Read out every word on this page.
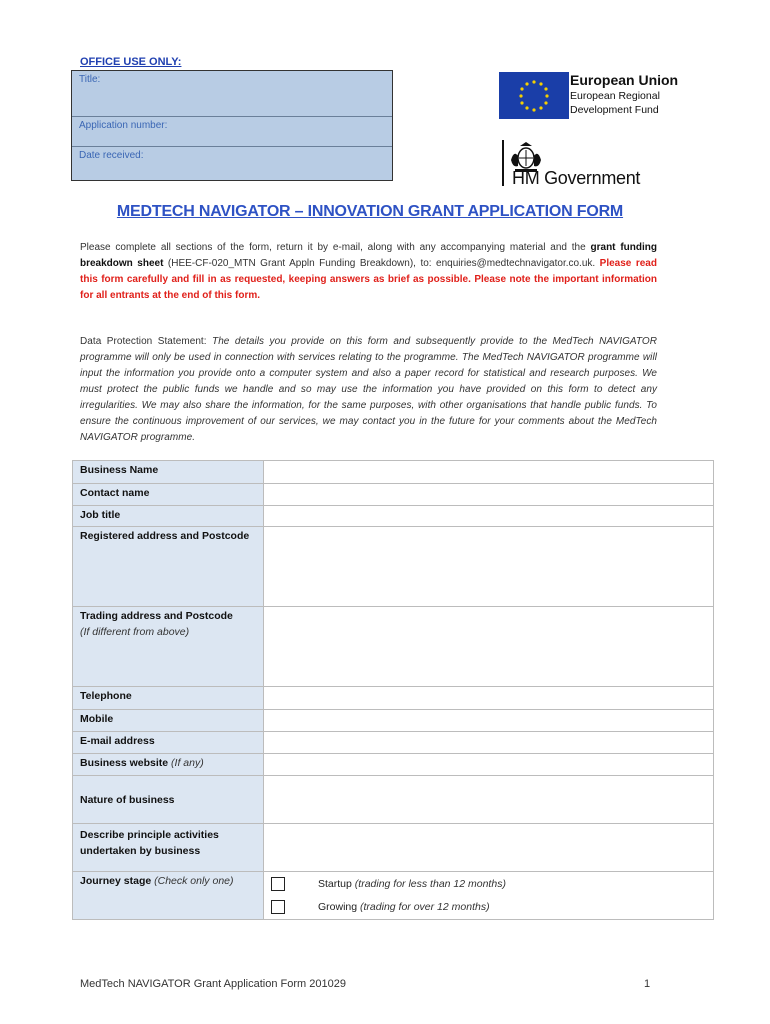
OFFICE USE ONLY:
Title:
Application number:
Date received:
European Union
European Regional
Development Fund
HM Government
MEDTECH NAVIGATOR – INNOVATION GRANT APPLICATION FORM
Please complete all sections of the form, return it by e-mail, along with any accompanying material and the grant funding breakdown sheet (HEE-CF-020_MTN Grant Appln Funding Breakdown), to: enquiries@medtechnavigator.co.uk. Please read this form carefully and fill in as requested, keeping answers as brief as possible. Please note the important information for all entrants at the end of this form.
Data Protection Statement: The details you provide on this form and subsequently provide to the MedTech NAVIGATOR programme will only be used in connection with services relating to the programme. The MedTech NAVIGATOR programme will input the information you provide onto a computer system and also a paper record for statistical and research purposes. We must protect the public funds we handle and so may use the information you have provided on this form to detect any irregularities. We may also share the information, for the same purposes, with other organisations that handle public funds. To ensure the continuous improvement of our services, we may contact you in the future for your comments about the MedTech NAVIGATOR programme.
Business Name	
Contact name	
Job title	
Registered address and Postcode	
Trading address and Postcode
(If different from above)	

Telephone	
Mobile	
E-mail address	
Business website (If any)	
Nature of business	
Describe principle activities undertaken by business	
Journey stage (Check only one)	Startup (trading for less than 12 months)
Growing (trading for over 12 months)
MedTech NAVIGATOR Grant Application Form 201029	1
